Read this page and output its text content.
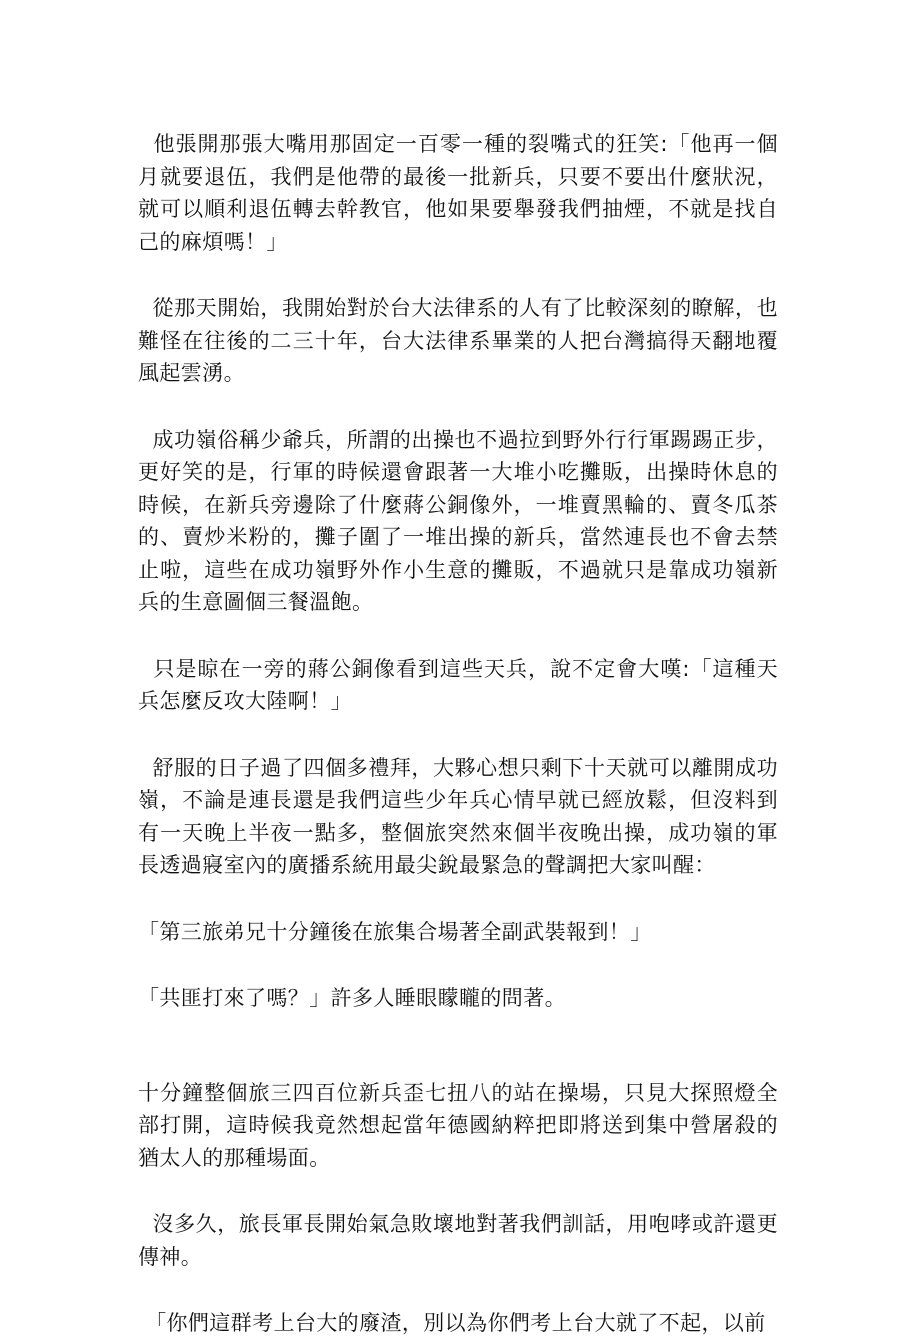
他張開那張大嘴用那固定一百零一種的裂嘴式的狂笑:「他再一個月就要退伍，我們是他帶的最後一批新兵，只要不要出什麼狀況，就可以順利退伍轉去幹教官，他如果要舉發我們抽煙，不就是找自己的麻煩嗎！」

從那天開始，我開始對於台大法律系的人有了比較深刻的瞭解，也難怪在往後的二三十年，台大法律系畢業的人把台灣搞得天翻地覆風起雲湧。

成功嶺俗稱少爺兵，所謂的出操也不過拉到野外行行軍踢踢正步，更好笑的是，行軍的時候還會跟著一大堆小吃攤販，出操時休息的時候，在新兵旁邊除了什麼蔣公銅像外，一堆賣黑輪的、賣冬瓜茶的、賣炒米粉的，攤子圍了一堆出操的新兵，當然連長也不會去禁止啦，這些在成功嶺野外作小生意的攤販，不過就只是靠成功嶺新兵的生意圖個三餐溫飽。

只是晾在一旁的蔣公銅像看到這些天兵，說不定會大嘆:「這種天兵怎麼反攻大陸啊！」

舒服的日子過了四個多禮拜，大夥心想只剩下十天就可以離開成功嶺，不論是連長還是我們這些少年兵心情早就已經放鬆，但沒料到有一天晚上半夜一點多，整個旅突然來個半夜晚出操，成功嶺的軍長透過寢室內的廣播系統用最尖銳最緊急的聲調把大家叫醒：

「第三旅弟兄十分鐘後在旅集合場著全副武裝報到！」

「共匪打來了嗎？」許多人睡眼矇矓的問著。

十分鐘整個旅三四百位新兵歪七扭八的站在操場，只見大探照燈全部打開，這時候我竟然想起當年德國納粹把即將送到集中營屠殺的猶太人的那種場面。

沒多久，旅長軍長開始氣急敗壞地對著我們訓話，用咆哮或許還更傳神。

「你們這群考上台大的廢渣，別以為你們考上台大就了不起，以前
